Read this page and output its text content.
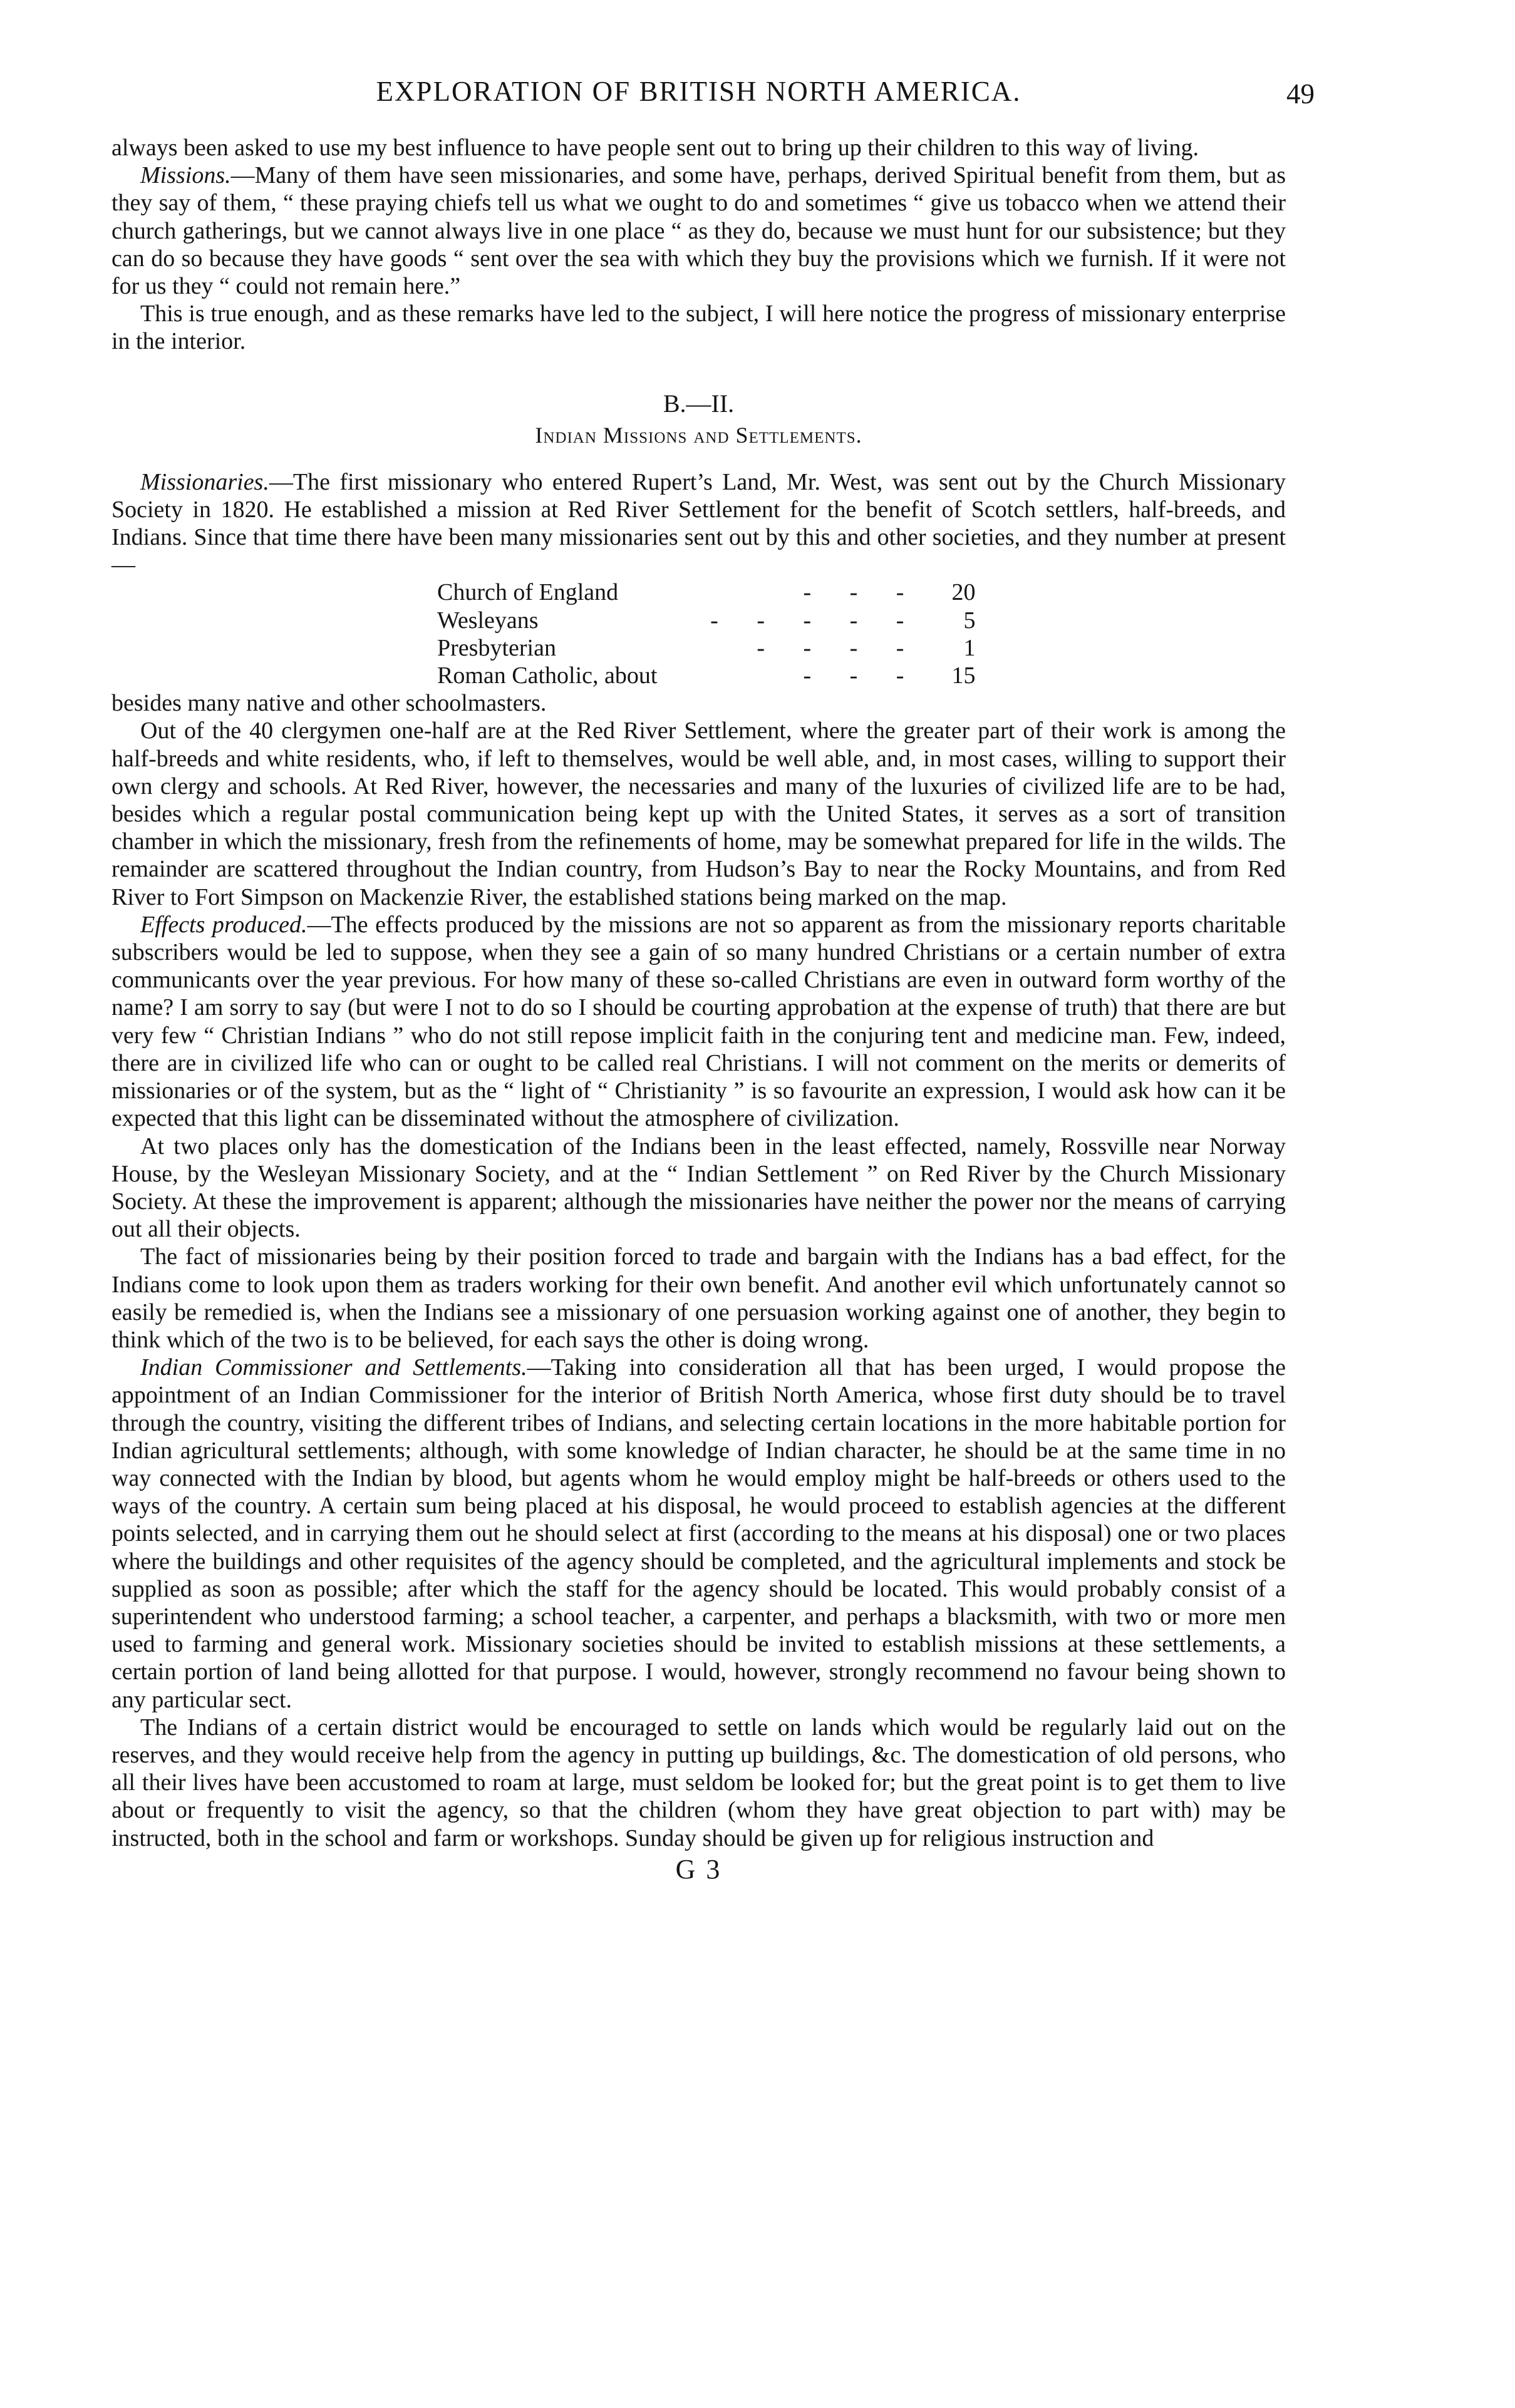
EXPLORATION OF BRITISH NORTH AMERICA.	49

always been asked to use my best influence to have people sent out to bring up their children to this way of living.

Missions.—Many of them have seen missionaries, and some have, perhaps, derived Spiritual benefit from them, but as they say of them, “ these praying chiefs tell us what we ought to do and sometimes “ give us tobacco when we attend their church gatherings, but we cannot always live in one place “ as they do, because we must hunt for our subsistence; but they can do so because they have goods “ sent over the sea with which they buy the provisions which we furnish. If it were not for us they “ could not remain here.”

This is true enough, and as these remarks have led to the subject, I will here notice the progress of missionary enterprise in the interior.

B.—II.
Indian Missions and Settlements.

Missionaries.—The first missionary who entered Rupert’s Land, Mr. West, was sent out by the Church Missionary Society in 1820. He established a mission at Red River Settlement for the benefit of Scotch settlers, half-breeds, and Indians. Since that time there have been many missionaries sent out by this and other societies, and they number at present—

Church of England	- - -	20
Wesleyans	- - - - -	5
Presbyterian	- - - -	1
Roman Catholic, about	- - -	15

besides many native and other schoolmasters.

Out of the 40 clergymen one-half are at the Red River Settlement, where the greater part of their work is among the half-breeds and white residents, who, if left to themselves, would be well able, and, in most cases, willing to support their own clergy and schools. At Red River, however, the necessaries and many of the luxuries of civilized life are to be had, besides which a regular postal communication being kept up with the United States, it serves as a sort of transition chamber in which the missionary, fresh from the refinements of home, may be somewhat prepared for life in the wilds. The remainder are scattered throughout the Indian country, from Hudson’s Bay to near the Rocky Mountains, and from Red River to Fort Simpson on Mackenzie River, the established stations being marked on the map.

Effects produced.—The effects produced by the missions are not so apparent as from the missionary reports charitable subscribers would be led to suppose, when they see a gain of so many hundred Christians or a certain number of extra communicants over the year previous. For how many of these so-called Christians are even in outward form worthy of the name? I am sorry to say (but were I not to do so I should be courting approbation at the expense of truth) that there are but very few “ Christian Indians ” who do not still repose implicit faith in the conjuring tent and medicine man. Few, indeed, there are in civilized life who can or ought to be called real Christians. I will not comment on the merits or demerits of missionaries or of the system, but as the “ light of “ Christianity ” is so favourite an expression, I would ask how can it be expected that this light can be disseminated without the atmosphere of civilization.

At two places only has the domestication of the Indians been in the least effected, namely, Rossville near Norway House, by the Wesleyan Missionary Society, and at the “ Indian Settlement ” on Red River by the Church Missionary Society. At these the improvement is apparent; although the missionaries have neither the power nor the means of carrying out all their objects.

The fact of missionaries being by their position forced to trade and bargain with the Indians has a bad effect, for the Indians come to look upon them as traders working for their own benefit. And another evil which unfortunately cannot so easily be remedied is, when the Indians see a missionary of one persuasion working against one of another, they begin to think which of the two is to be believed, for each says the other is doing wrong.

Indian Commissioner and Settlements.—Taking into consideration all that has been urged, I would propose the appointment of an Indian Commissioner for the interior of British North America, whose first duty should be to travel through the country, visiting the different tribes of Indians, and selecting certain locations in the more habitable portion for Indian agricultural settlements; although, with some knowledge of Indian character, he should be at the same time in no way connected with the Indian by blood, but agents whom he would employ might be half-breeds or others used to the ways of the country. A certain sum being placed at his disposal, he would proceed to establish agencies at the different points selected, and in carrying them out he should select at first (according to the means at his disposal) one or two places where the buildings and other requisites of the agency should be completed, and the agricultural implements and stock be supplied as soon as possible; after which the staff for the agency should be located. This would probably consist of a superintendent who understood farming; a school teacher, a carpenter, and perhaps a blacksmith, with two or more men used to farming and general work. Missionary societies should be invited to establish missions at these settlements, a certain portion of land being allotted for that purpose. I would, however, strongly recommend no favour being shown to any particular sect.

The Indians of a certain district would be encouraged to settle on lands which would be regularly laid out on the reserves, and they would receive help from the agency in putting up buildings, &c. The domestication of old persons, who all their lives have been accustomed to roam at large, must seldom be looked for; but the great point is to get them to live about or frequently to visit the agency, so that the children (whom they have great objection to part with) may be instructed, both in the school and farm or workshops. Sunday should be given up for religious instruction and

G 3
